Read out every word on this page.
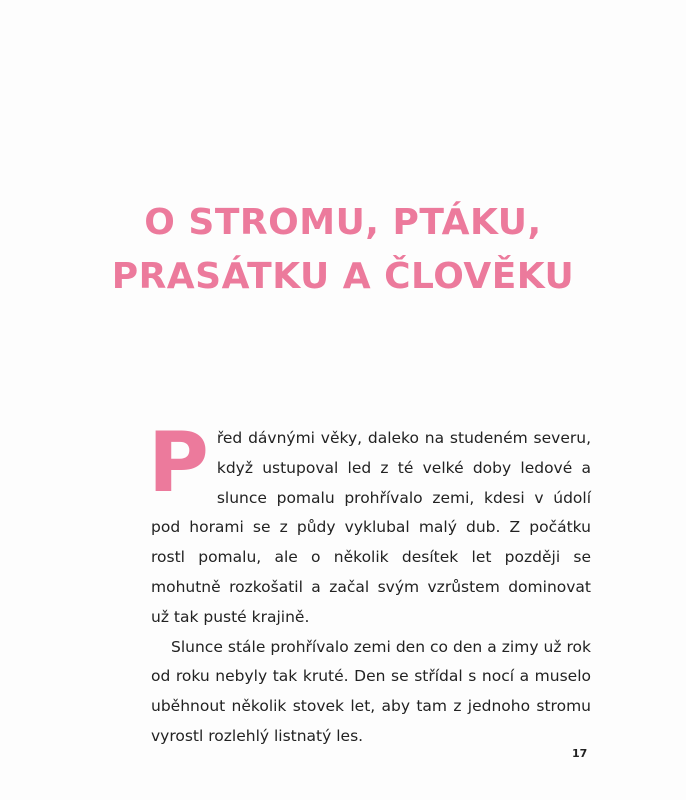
O STROMU, PTÁKU,
PRASÁTKU A ČLOVĚKU

Před dávnými věky, daleko na studeném severu, když ustupoval led z té velké doby ledové a slunce pomalu prohřívalo zemi, kdesi v údolí pod horami se z půdy vyklubal malý dub. Z počátku rostl pomalu, ale o několik desítek let později se mohutně rozkošatil a začal svým vzrůstem dominovat už tak pusté krajině.

Slunce stále prohřívalo zemi den co den a zimy už rok od roku nebyly tak kruté. Den se střídal s nocí a muselo uběhnout několik stovek let, aby tam z jednoho stromu vyrostl rozlehlý listnatý les.

17
